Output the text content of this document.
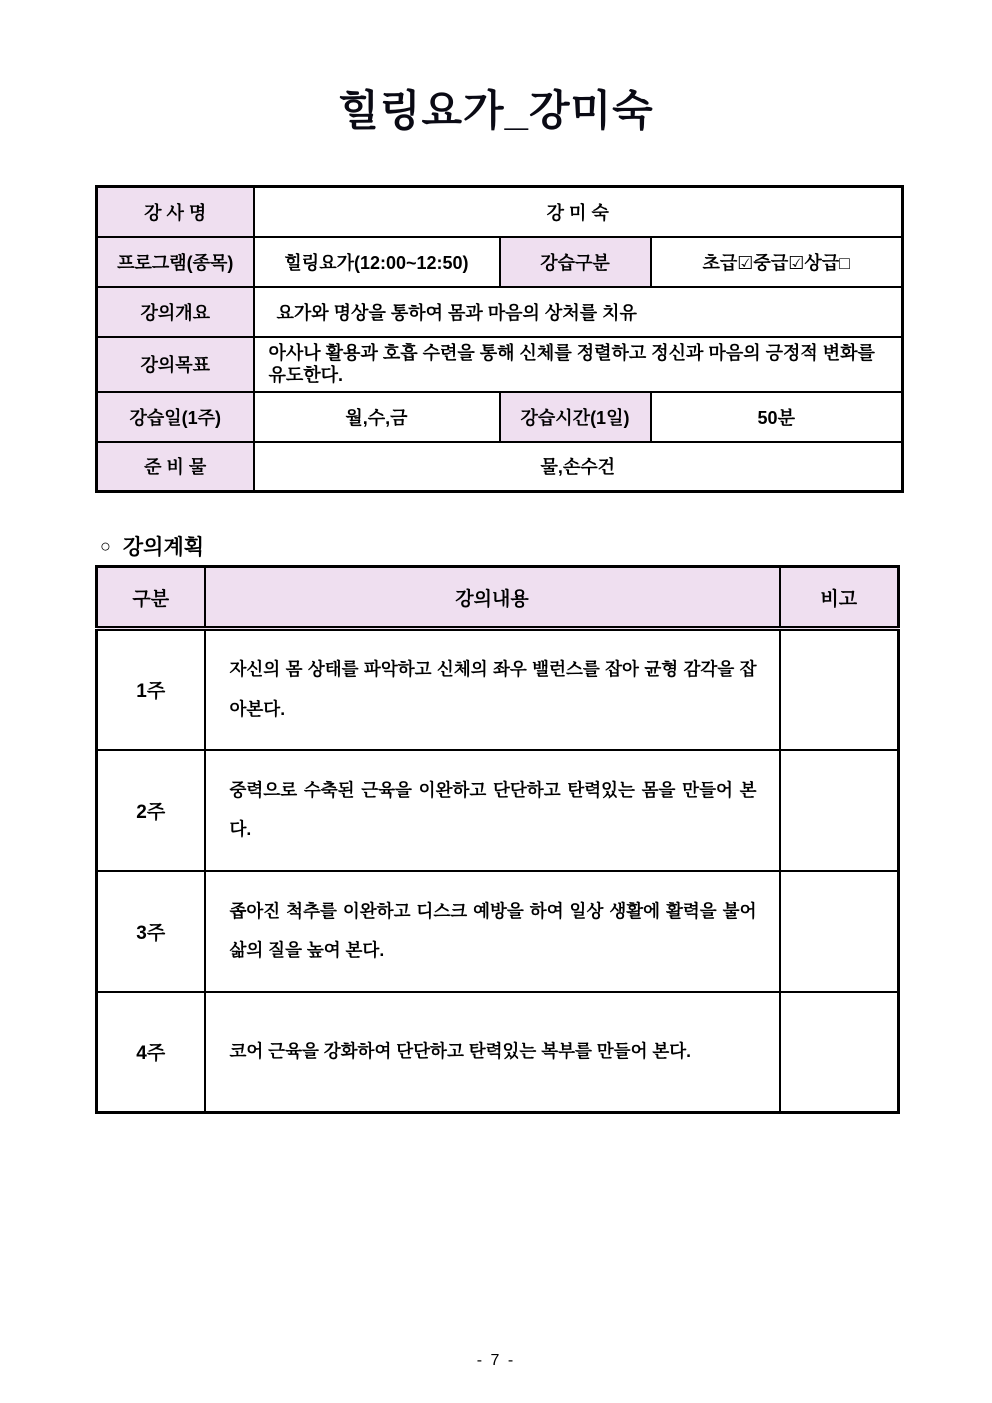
힐링요가_강미숙
강 사 명	강 미 숙		
프로그램(종목)	힐링요가(12:00~12:50)	강습구분	초급☑중급☑상급□
강의개요	요가와 명상을 통하여 몸과 마음의 상처를 치유		
강의목표	아사나 활용과 호흡 수련을 통해 신체를 정렬하고 정신과 마음의 긍정적 변화를 유도한다.		
강습일(1주)	월,수,금	강습시간(1일)	50분
준 비 물	물,손수건		
○ 강의계획
구분	강의내용	비고
1주	자신의 몸 상태를 파악하고 신체의 좌우 밸런스를 잡아 균형 감각을 잡아본다.	
2주	중력으로 수축된 근육을 이완하고 단단하고 탄력있는 몸을 만들어 본다.	
3주	좁아진 척추를 이완하고 디스크 예방을 하여 일상 생활에 활력을 불어 삶의 질을 높여 본다.	
4주	코어 근육을 강화하여 단단하고 탄력있는 복부를 만들어 본다.	
- 7 -
